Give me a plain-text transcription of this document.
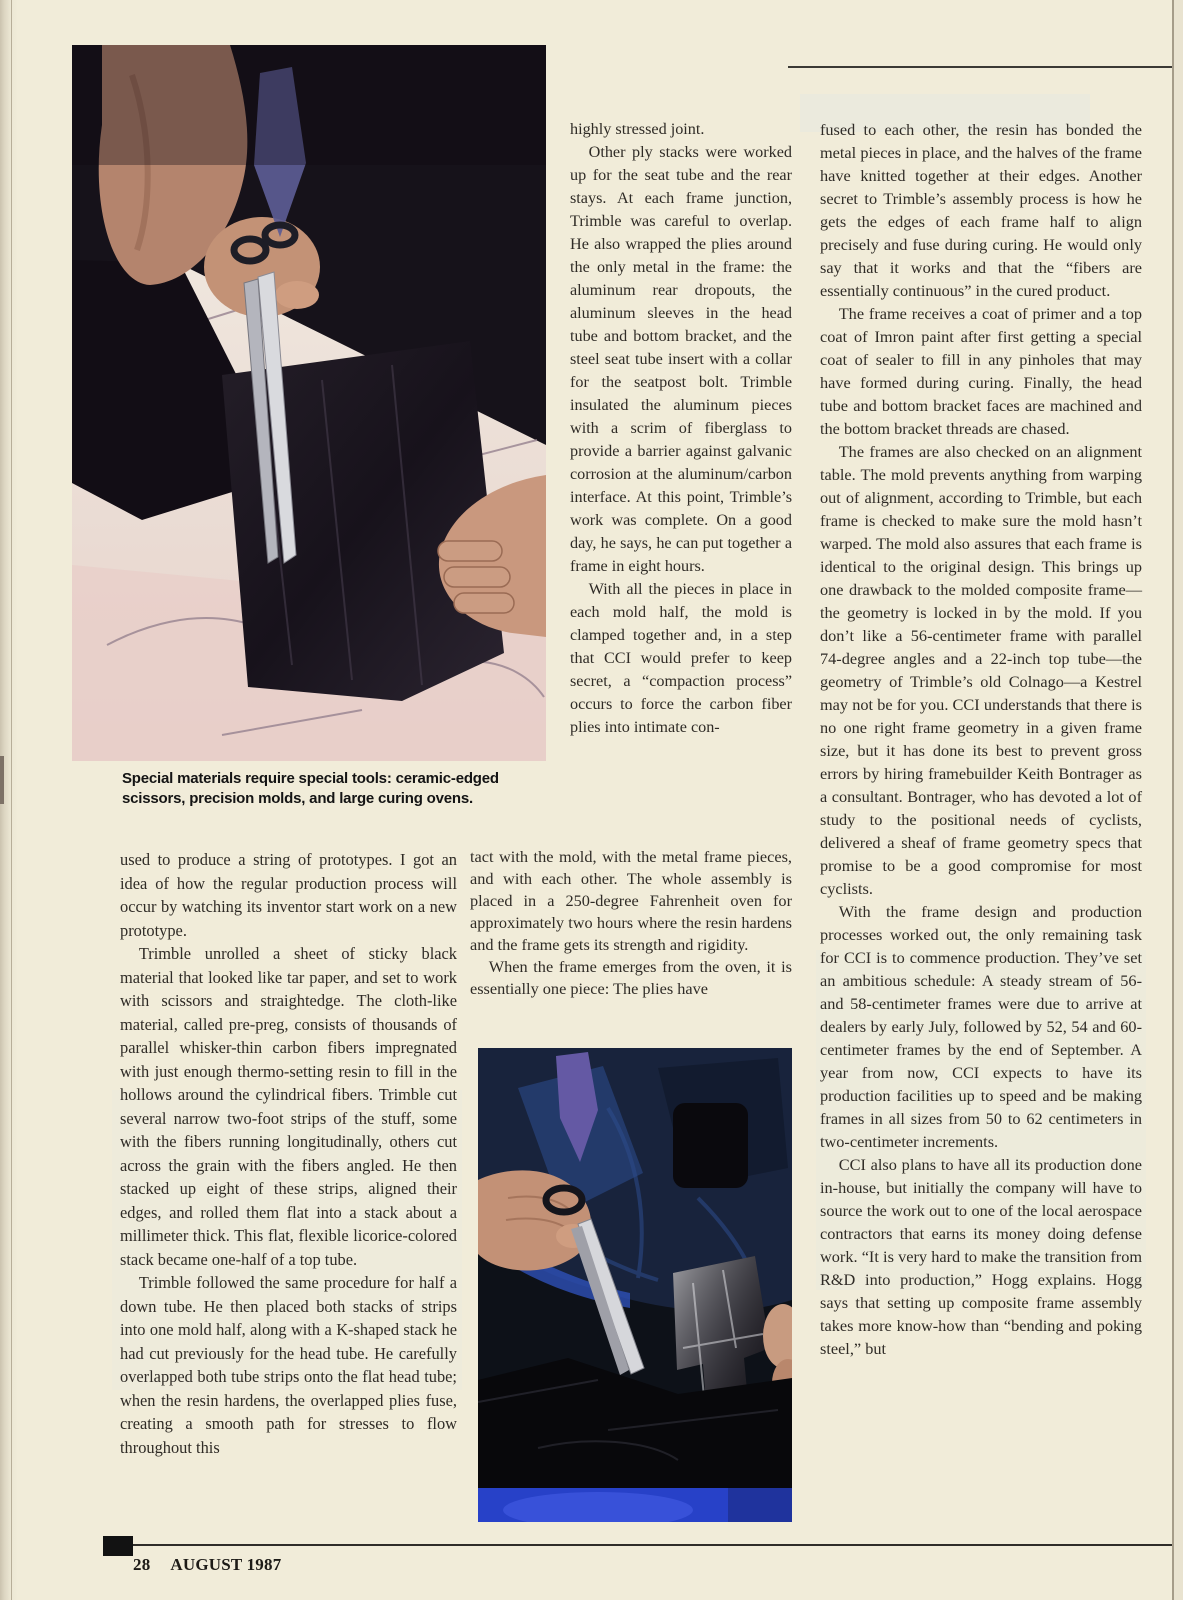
Special materials require special tools: ceramic-edged scissors, precision molds, and large curing ovens.

used to produce a string of prototypes. I got an idea of how the regular production process will occur by watching its inventor start work on a new prototype.

Trimble unrolled a sheet of sticky black material that looked like tar paper, and set to work with scissors and straightedge. The cloth-like material, called pre-preg, consists of thousands of parallel whisker-thin carbon fibers impregnated with just enough thermo-setting resin to fill in the hollows around the cylindrical fibers. Trimble cut several narrow two-foot strips of the stuff, some with the fibers running longitudinally, others cut across the grain with the fibers angled. He then stacked up eight of these strips, aligned their edges, and rolled them flat into a stack about a millimeter thick. This flat, flexible licorice-colored stack became one-half of a top tube.

Trimble followed the same procedure for half a down tube. He then placed both stacks of strips into one mold half, along with a K-shaped stack he had cut previously for the head tube. He carefully overlapped both tube strips onto the flat head tube; when the resin hardens, the overlapped plies fuse, creating a smooth path for stresses to flow throughout this

highly stressed joint.

Other ply stacks were worked up for the seat tube and the rear stays. At each frame junction, Trimble was careful to overlap. He also wrapped the plies around the only metal in the frame: the aluminum rear dropouts, the aluminum sleeves in the head tube and bottom bracket, and the steel seat tube insert with a collar for the seatpost bolt. Trimble insulated the aluminum pieces with a scrim of fiberglass to provide a barrier against galvanic corrosion at the aluminum/carbon interface. At this point, Trimble’s work was complete. On a good day, he says, he can put together a frame in eight hours.

With all the pieces in place in each mold half, the mold is clamped together and, in a step that CCI would prefer to keep secret, a “compaction process” occurs to force the carbon fiber plies into intimate con-

tact with the mold, with the metal frame pieces, and with each other. The whole assembly is placed in a 250-degree Fahrenheit oven for approximately two hours where the resin hardens and the frame gets its strength and rigidity.

When the frame emerges from the oven, it is essentially one piece: The plies have

fused to each other, the resin has bonded the metal pieces in place, and the halves of the frame have knitted together at their edges. Another secret to Trimble’s assembly process is how he gets the edges of each frame half to align precisely and fuse during curing. He would only say that it works and that the “fibers are essentially continuous” in the cured product.

The frame receives a coat of primer and a top coat of Imron paint after first getting a special coat of sealer to fill in any pinholes that may have formed during curing. Finally, the head tube and bottom bracket faces are machined and the bottom bracket threads are chased.

The frames are also checked on an alignment table. The mold prevents anything from warping out of alignment, according to Trimble, but each frame is checked to make sure the mold hasn’t warped. The mold also assures that each frame is identical to the original design. This brings up one drawback to the molded composite frame—the geometry is locked in by the mold. If you don’t like a 56-centimeter frame with parallel 74-degree angles and a 22-inch top tube—the geometry of Trimble’s old Colnago—a Kestrel may not be for you. CCI understands that there is no one right frame geometry in a given frame size, but it has done its best to prevent gross errors by hiring framebuilder Keith Bontrager as a consultant. Bontrager, who has devoted a lot of study to the positional needs of cyclists, delivered a sheaf of frame geometry specs that promise to be a good compromise for most cyclists.

With the frame design and production processes worked out, the only remaining task for CCI is to commence production. They’ve set an ambitious schedule: A steady stream of 56- and 58-centimeter frames were due to arrive at dealers by early July, followed by 52, 54 and 60-centimeter frames by the end of September. A year from now, CCI expects to have its production facilities up to speed and be making frames in all sizes from 50 to 62 centimeters in two-centimeter increments.

CCI also plans to have all its production done in-house, but initially the company will have to source the work out to one of the local aerospace contractors that earns its money doing defense work. “It is very hard to make the transition from R&D into production,” Hogg explains. Hogg says that setting up composite frame assembly takes more know-how than “bending and poking steel,” but

28 AUGUST 1987
